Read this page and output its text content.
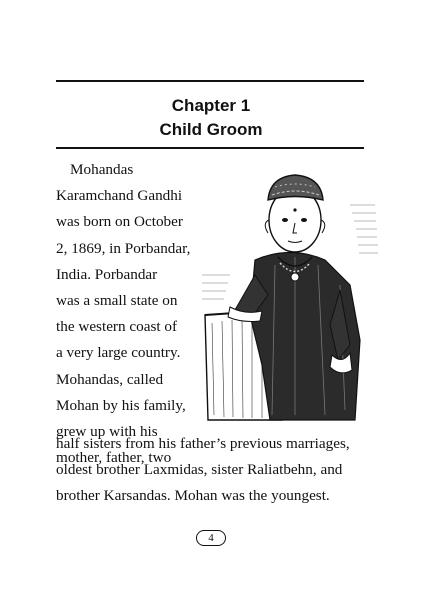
Chapter 1
Child Groom
Mohandas
Karamchand Gandhi
was born on October
2, 1869, in Porbandar,
India. Porbandar
was a small state on
the western coast of
a very large country.
Mohandas, called
Mohan by his family,
grew up with his
mother, father, two
half sisters from his father’s previous marriages,
oldest brother Laxmidas, sister Raliatbehn, and
brother Karsandas. Mohan was the youngest.
4
